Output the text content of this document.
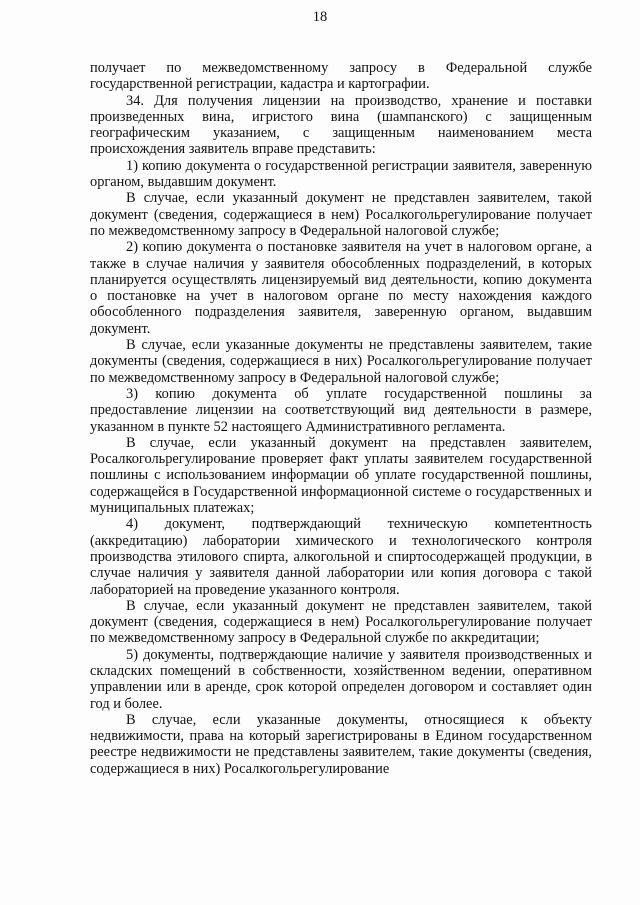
18

получает по межведомственному запросу в Федеральной службе государственной регистрации, кадастра и картографии.

34. Для получения лицензии на производство, хранение и поставки произведенных вина, игристого вина (шампанского) с защищенным географическим указанием, с защищенным наименованием места происхождения заявитель вправе представить:

1) копию документа о государственной регистрации заявителя, заверенную органом, выдавшим документ.

В случае, если указанный документ не представлен заявителем, такой документ (сведения, содержащиеся в нем) Росалкогольрегулирование получает по межведомственному запросу в Федеральной налоговой службе;

2) копию документа о постановке заявителя на учет в налоговом органе, а также в случае наличия у заявителя обособленных подразделений, в которых планируется осуществлять лицензируемый вид деятельности, копию документа о постановке на учет в налоговом органе по месту нахождения каждого обособленного подразделения заявителя, заверенную органом, выдавшим документ.

В случае, если указанные документы не представлены заявителем, такие документы (сведения, содержащиеся в них) Росалкогольрегулирование получает по межведомственному запросу в Федеральной налоговой службе;

3) копию документа об уплате государственной пошлины за предоставление лицензии на соответствующий вид деятельности в размере, указанном в пункте 52 настоящего Административного регламента.

В случае, если указанный документ на представлен заявителем, Росалкогольрегулирование проверяет факт уплаты заявителем государственной пошлины с использованием информации об уплате государственной пошлины, содержащейся в Государственной информационной системе о государственных и муниципальных платежах;

4) документ, подтверждающий техническую компетентность (аккредитацию) лаборатории химического и технологического контроля производства этилового спирта, алкогольной и спиртосодержащей продукции, в случае наличия у заявителя данной лаборатории или копия договора с такой лабораторией на проведение указанного контроля.

В случае, если указанный документ не представлен заявителем, такой документ (сведения, содержащиеся в нем) Росалкогольрегулирование получает по межведомственному запросу в Федеральной службе по аккредитации;

5) документы, подтверждающие наличие у заявителя производственных и складских помещений в собственности, хозяйственном ведении, оперативном управлении или в аренде, срок которой определен договором и составляет один год и более.

В случае, если указанные документы, относящиеся к объекту недвижимости, права на который зарегистрированы в Едином государственном реестре недвижимости не представлены заявителем, такие документы (сведения, содержащиеся в них) Росалкогольрегулирование
